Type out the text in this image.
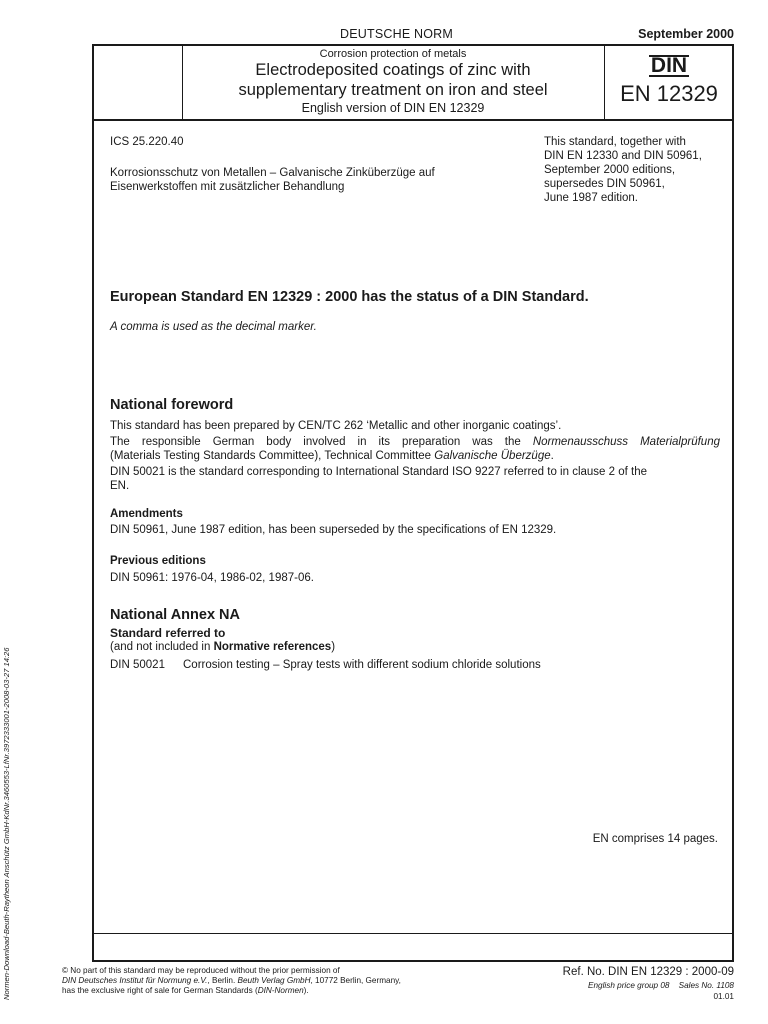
DEUTSCHE NORM	September 2000
Corrosion protection of metals
Electrodeposited coatings of zinc with
supplementary treatment on iron and steel
English version of DIN EN 12329
DIN
EN 12329
ICS 25.220.40
Korrosionsschutz von Metallen – Galvanische Zinküberzüge auf
Eisenwerkstoffen mit zusätzlicher Behandlung
This standard, together with
DIN EN 12330 and DIN 50961,
September 2000 editions,
supersedes DIN 50961,
June 1987 edition.
European Standard EN 12329 : 2000 has the status of a DIN Standard.
A comma is used as the decimal marker.
National foreword
This standard has been prepared by CEN/TC 262 ‘Metallic and other inorganic coatings’.
The responsible German body involved in its preparation was the Normenausschuss Materialprüfung
(Materials Testing Standards Committee), Technical Committee Galvanische Überzüge.
DIN 50021 is the standard corresponding to International Standard ISO 9227 referred to in clause 2 of the
EN.
Amendments
DIN 50961, June 1987 edition, has been superseded by the specifications of EN 12329.
Previous editions
DIN 50961: 1976-04, 1986-02, 1987-06.
National Annex NA
Standard referred to
(and not included in Normative references)
DIN 50021 Corrosion testing – Spray tests with different sodium chloride solutions
EN comprises 14 pages.
© No part of this standard may be reproduced without the prior permission of
DIN Deutsches Institut für Normung e.V., Berlin. Beuth Verlag GmbH, 10772 Berlin, Germany,
has the exclusive right of sale for German Standards (DIN-Normen).
Ref. No. DIN EN 12329 : 2000-09
English price group 08 Sales No. 1108
01.01
Normen-Download-Beuth-Raytheon Anschütz GmbH-KdNr.3460553-LfNr.3972333001-2008-03-27 14:26
